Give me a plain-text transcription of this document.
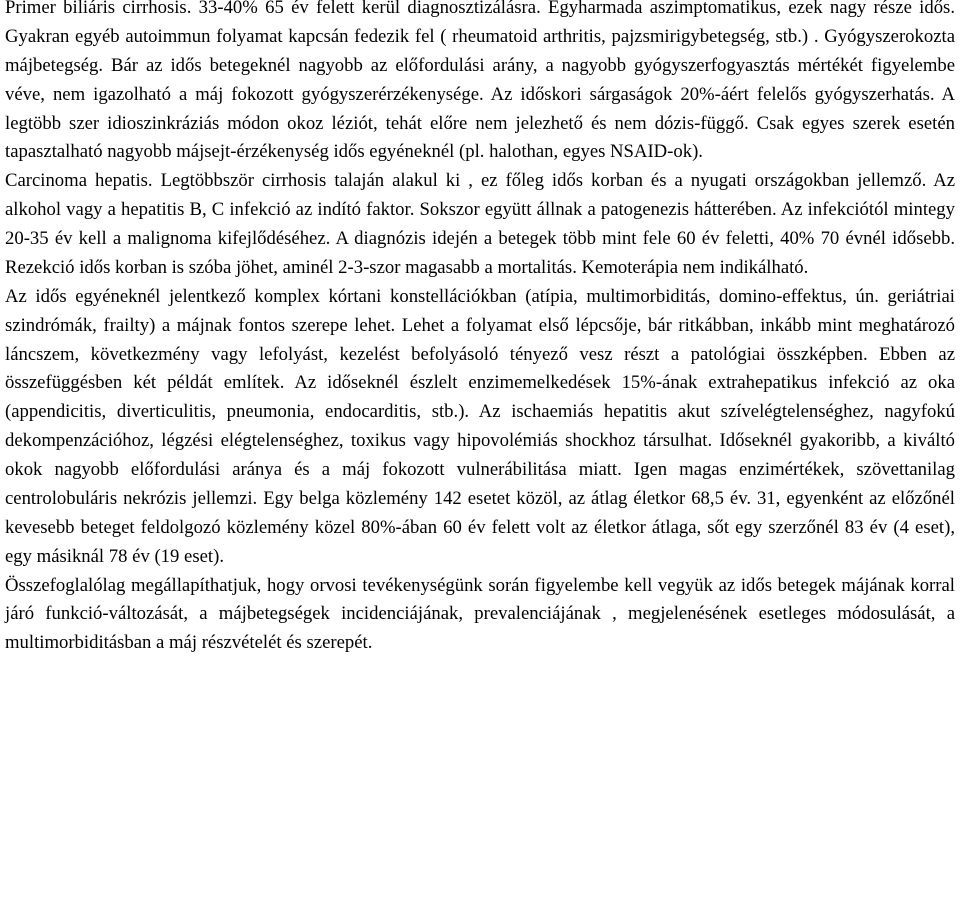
Primer biliáris cirrhosis. 33-40% 65 év felett kerül diagnosztizálásra. Egyharmada aszimptomatikus, ezek nagy része idős. Gyakran egyéb autoimmun folyamat kapcsán fedezik fel ( rheumatoid arthritis, pajzsmirigybetegség, stb.) . Gyógyszerokozta májbetegség. Bár az idős betegeknél nagyobb az előfordulási arány, a nagyobb gyógyszerfogyasztás mértékét figyelembe véve, nem igazolható a máj fokozott gyógyszerérzékenysége. Az időskori sárgaságok 20%-áért felelős gyógyszerhatás. A legtöbb szer idioszinkráziás módon okoz léziót, tehát előre nem jelezhető és nem dózis-függő. Csak egyes szerek esetén tapasztalható nagyobb májsejt-érzékenység idős egyéneknél (pl. halothan, egyes NSAID-ok).

Carcinoma hepatis. Legtöbbször cirrhosis talaján alakul ki , ez főleg idős korban és a nyugati országokban jellemző. Az alkohol vagy a hepatitis B, C infekció az indító faktor. Sokszor együtt állnak a patogenezis hátterében. Az infekciótól mintegy 20-35 év kell a malignoma kifejlődéséhez. A diagnózis idején a betegek több mint fele 60 év feletti, 40% 70 évnél idősebb. Rezekció idős korban is szóba jöhet, aminél 2-3-szor magasabb a mortalitás. Kemoterápia nem indikálható.

Az idős egyéneknél jelentkező komplex kórtani konstellációkban (atípia, multimorbiditás, domino-effektus, ún. geriátriai szindrómák, frailty) a májnak fontos szerepe lehet. Lehet a folyamat első lépcsője, bár ritkábban, inkább mint meghatározó láncszem, következmény vagy lefolyást, kezelést befolyásoló tényező vesz részt a patológiai összképben. Ebben az összefüggésben két példát említek. Az időseknél észlelt enzimemelkedések 15%-ának extrahepatikus infekció az oka (appendicitis, diverticulitis, pneumonia, endocarditis, stb.). Az ischaemiás hepatitis akut szívelégtelenséghez, nagyfokú dekompenzációhoz, légzési elégtelenséghez, toxikus vagy hipovolémiás shockhoz társulhat. Időseknél gyakoribb, a kiváltó okok nagyobb előfordulási aránya és a máj fokozott vulnerábilitása miatt. Igen magas enzimértékek, szövettanilag centrolobuláris nekrózis jellemzi. Egy belga közlemény 142 esetet közöl, az átlag életkor 68,5 év. 31, egyenként az előzőnél kevesebb beteget feldolgozó közlemény közel 80%-ában 60 év felett volt az életkor átlaga, sőt egy szerzőnél 83 év (4 eset), egy másiknál 78 év (19 eset).

Összefoglalólag megállapíthatjuk, hogy orvosi tevékenységünk során figyelembe kell vegyük az idős betegek májának korral járó funkció-változását, a májbetegségek incidenciájának, prevalenciájának , megjelenésének esetleges módosulását, a multimorbiditásban a máj részvételét és szerepét.
